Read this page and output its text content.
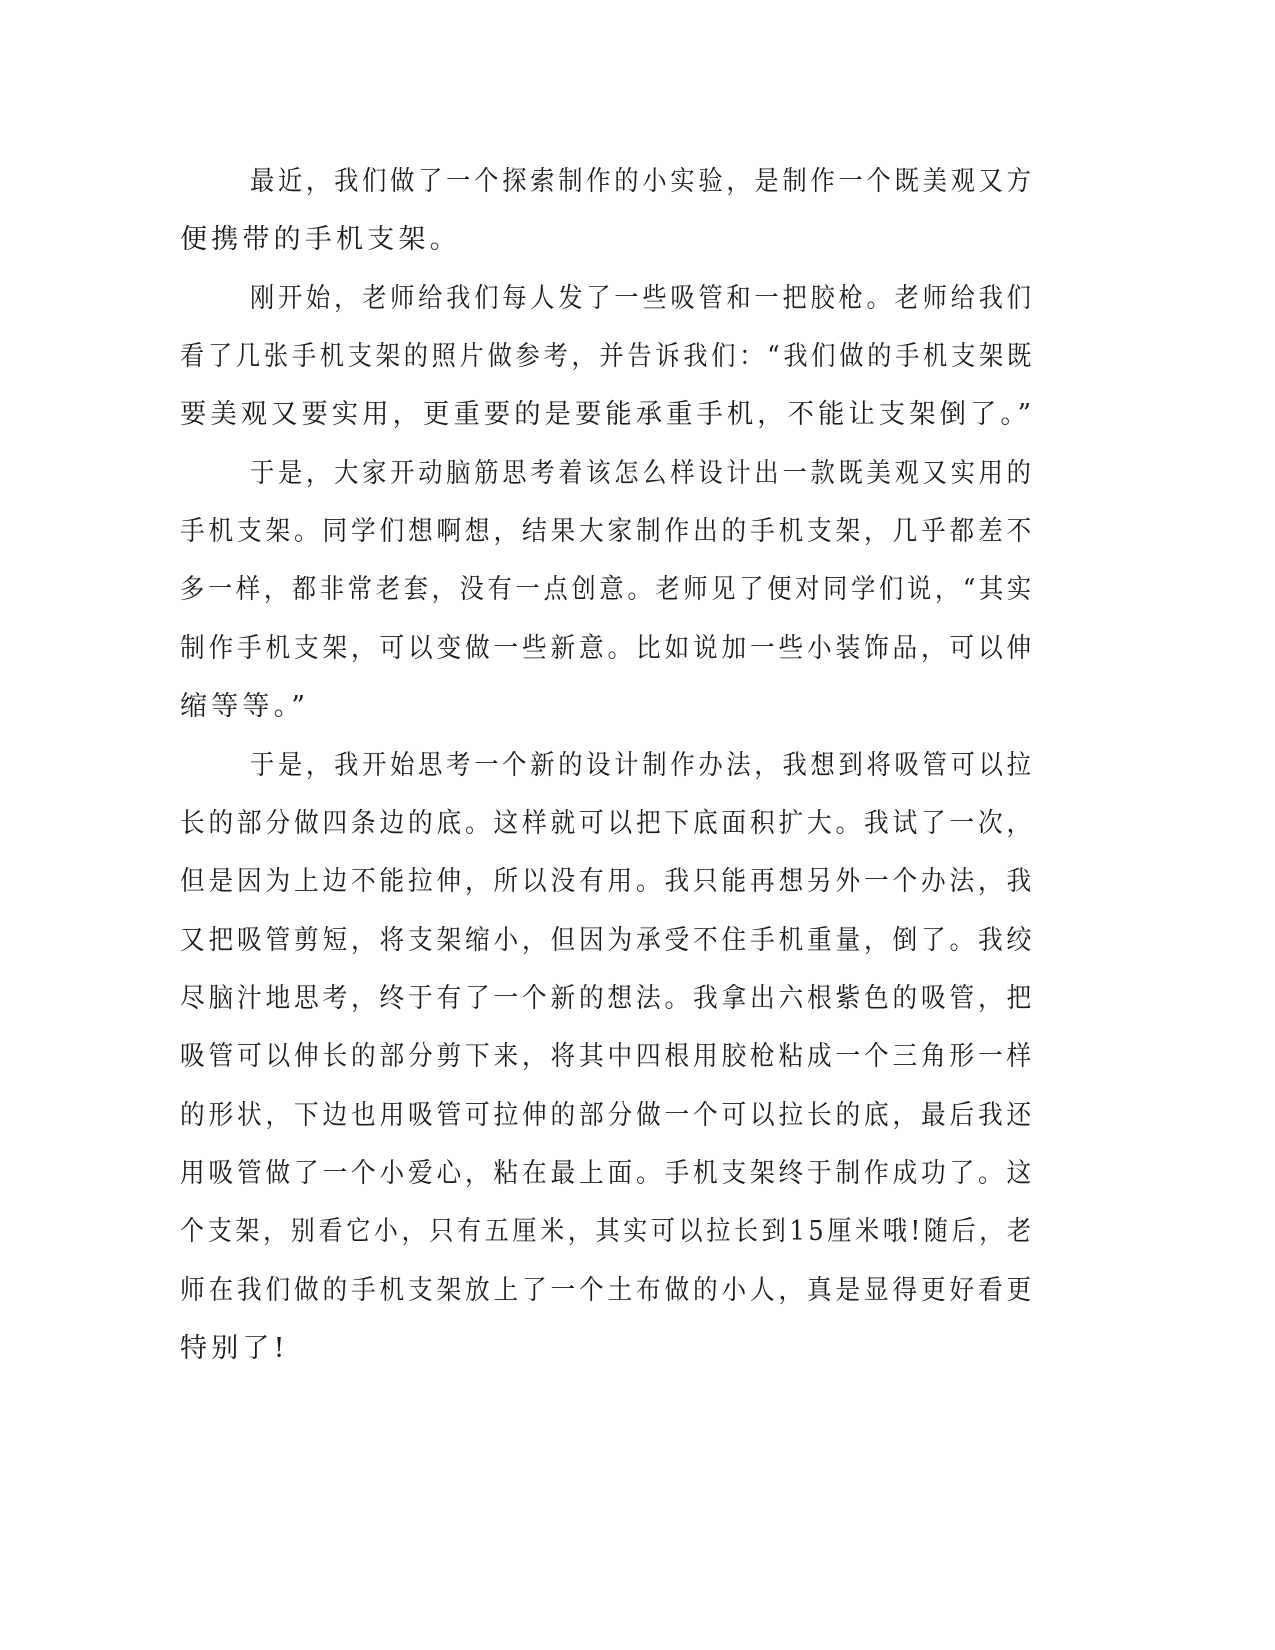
最近，我们做了一个探索制作的小实验，是制作一个既美观又方
便携带的手机支架。
刚开始，老师给我们每人发了一些吸管和一把胶枪。老师给我们
看了几张手机支架的照片做参考，并告诉我们：“我们做的手机支架既
要美观又要实用，更重要的是要能承重手机，不能让支架倒了。”
于是，大家开动脑筋思考着该怎么样设计出一款既美观又实用的
手机支架。同学们想啊想，结果大家制作出的手机支架，几乎都差不
多一样，都非常老套，没有一点创意。老师见了便对同学们说，“其实
制作手机支架，可以变做一些新意。比如说加一些小装饰品，可以伸
缩等等。”
于是，我开始思考一个新的设计制作办法，我想到将吸管可以拉
长的部分做四条边的底。这样就可以把下底面积扩大。我试了一次，
但是因为上边不能拉伸，所以没有用。我只能再想另外一个办法，我
又把吸管剪短，将支架缩小，但因为承受不住手机重量，倒了。我绞
尽脑汁地思考，终于有了一个新的想法。我拿出六根紫色的吸管，把
吸管可以伸长的部分剪下来，将其中四根用胶枪粘成一个三角形一样
的形状，下边也用吸管可拉伸的部分做一个可以拉长的底，最后我还
用吸管做了一个小爱心，粘在最上面。手机支架终于制作成功了。这
个支架，别看它小，只有五厘米，其实可以拉长到15厘米哦!随后，老
师在我们做的手机支架放上了一个土布做的小人，真是显得更好看更
特别了!
